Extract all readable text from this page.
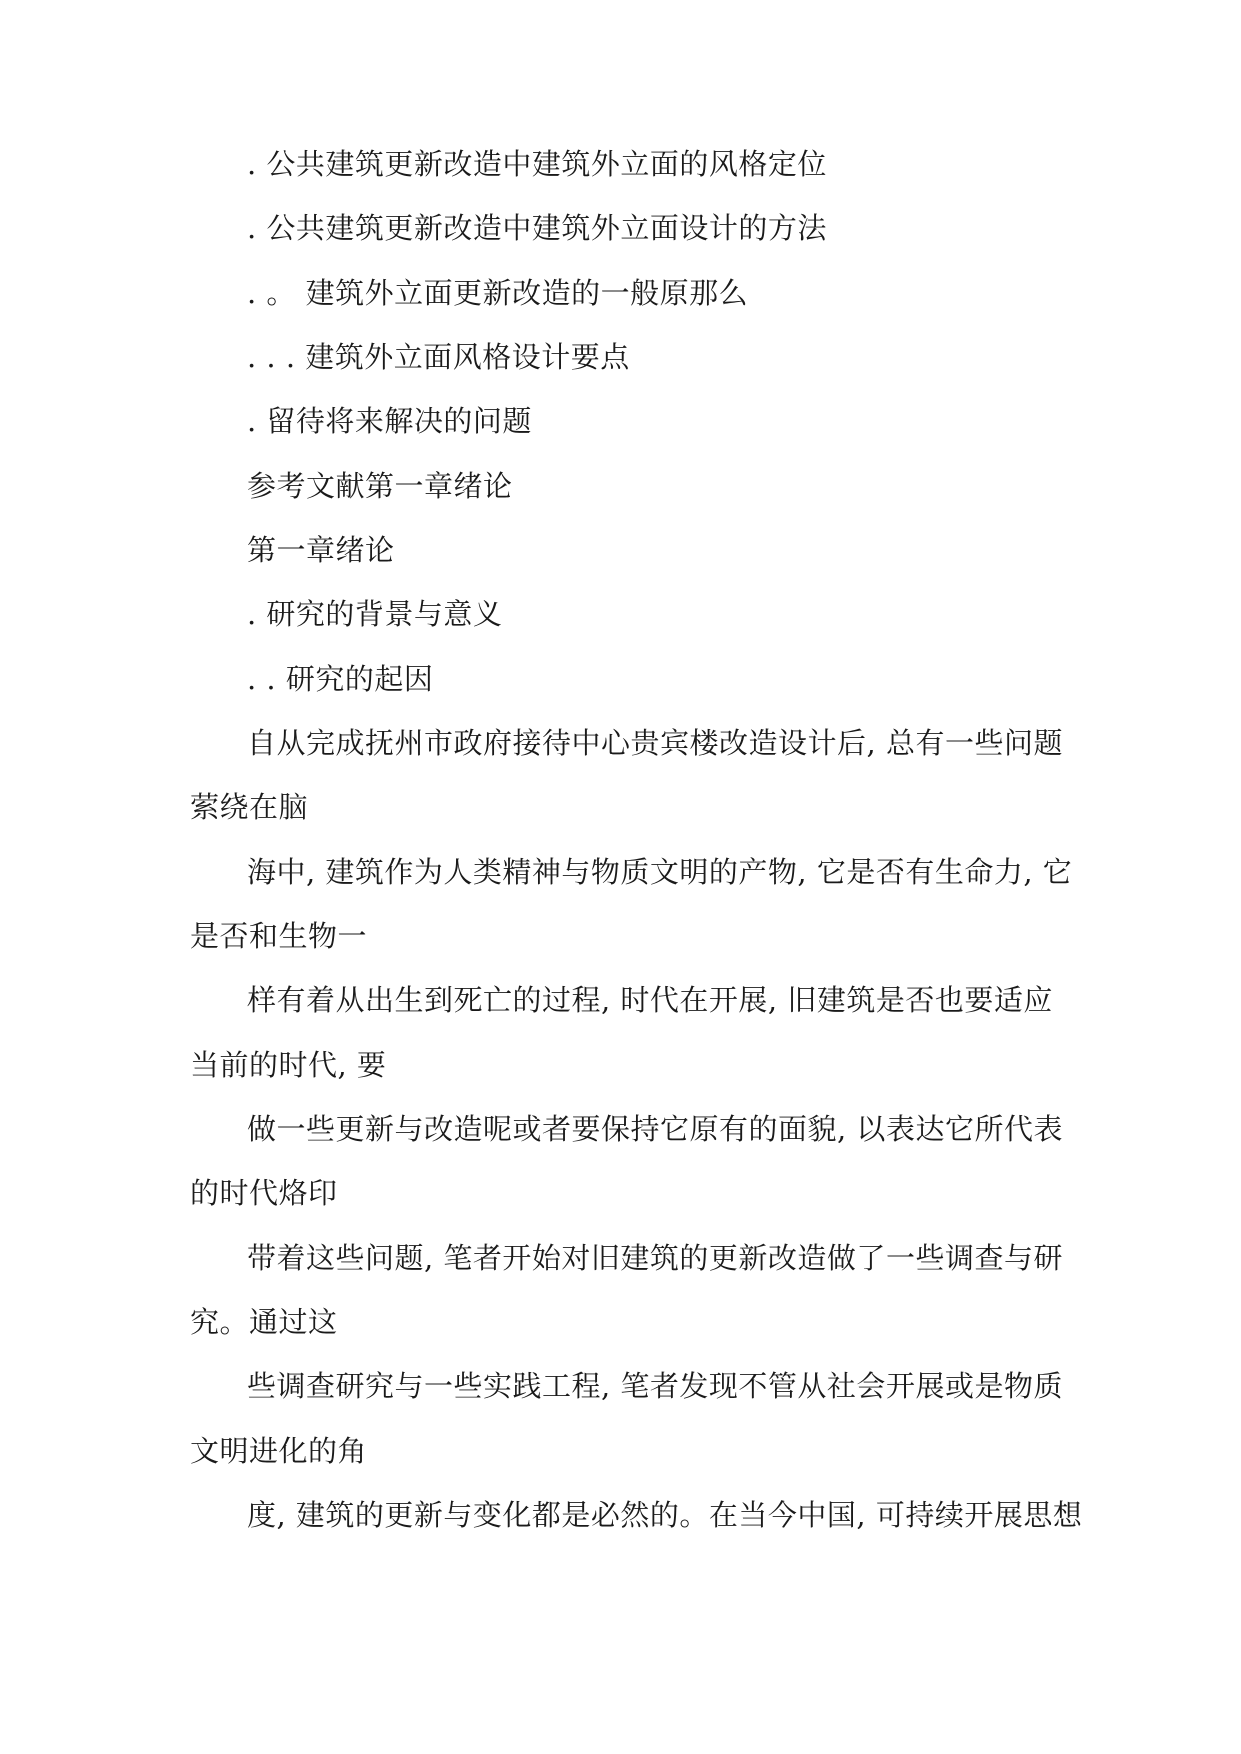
. 公共建筑更新改造中建筑外立面的风格定位
. 公共建筑更新改造中建筑外立面设计的方法
. 。 建筑外立面更新改造的一般原那么
. . . 建筑外立面风格设计要点
. 留待将来解决的问题
参考文献第一章绪论
第一章绪论
. 研究的背景与意义
. . 研究的起因
自从完成抚州市政府接待中心贵宾楼改造设计后, 总有一些问题
萦绕在脑
海中, 建筑作为人类精神与物质文明的产物, 它是否有生命力, 它
是否和生物一
样有着从出生到死亡的过程, 时代在开展, 旧建筑是否也要适应
当前的时代, 要
做一些更新与改造呢或者要保持它原有的面貌, 以表达它所代表
的时代烙印
带着这些问题, 笔者开始对旧建筑的更新改造做了一些调查与研
究。通过这
些调查研究与一些实践工程, 笔者发现不管从社会开展或是物质
文明进化的角
度, 建筑的更新与变化都是必然的。在当今中国, 可持续开展思想
